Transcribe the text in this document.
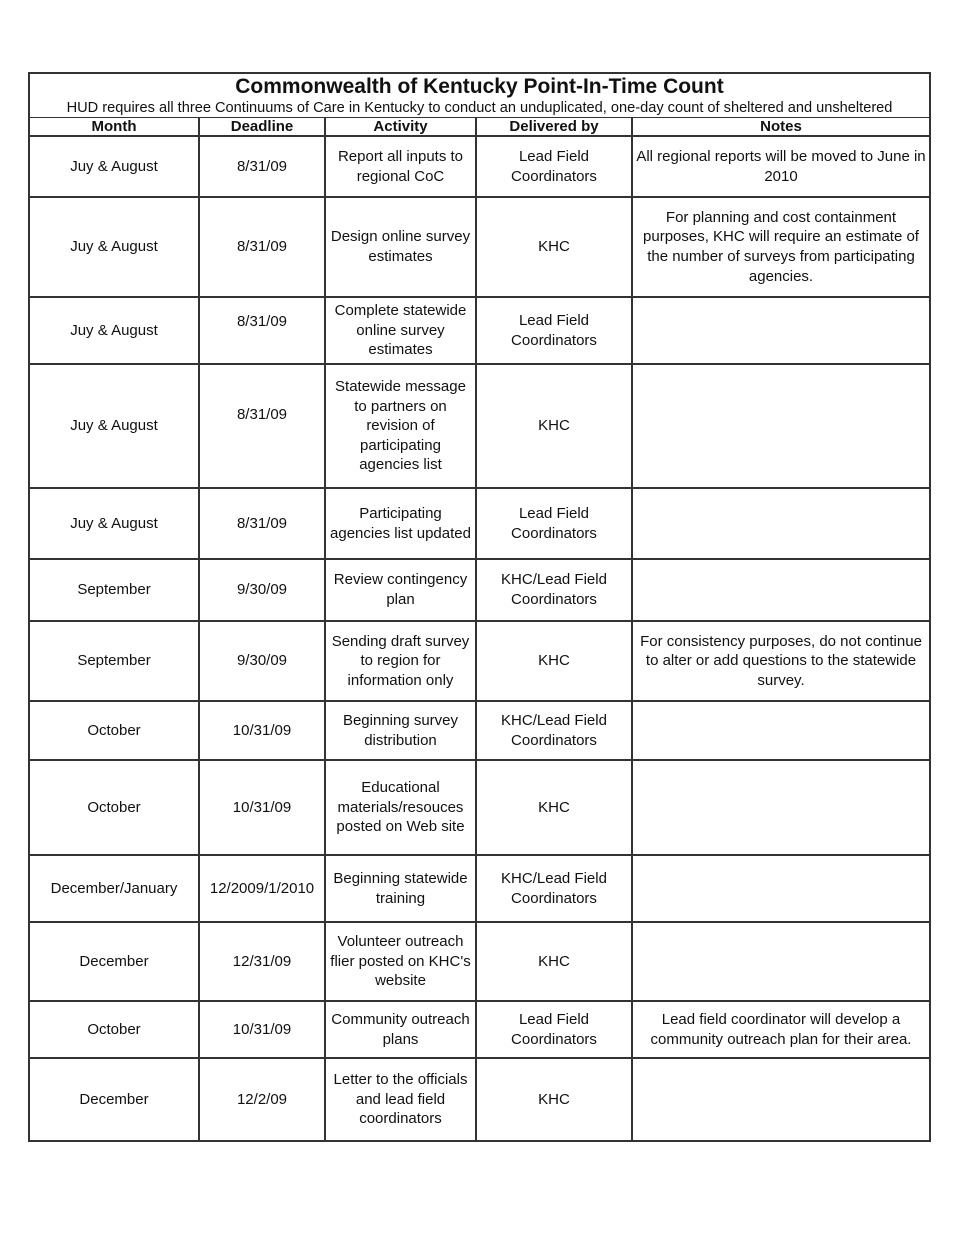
Commonwealth of Kentucky Point-In-Time Count				
HUD requires all three Continuums of Care in Kentucky to conduct an unduplicated, one-day count of sheltered and unsheltered				
Month	Deadline	Activity	Delivered by	Notes
Juy & August	8/31/09	Report all inputs to regional CoC	Lead Field Coordinators	All regional reports will be moved to June in 2010
Juy & August	8/31/09	Design online survey estimates	KHC	For planning and cost containment purposes, KHC will require an estimate of the number of surveys from participating agencies.
Juy & August	8/31/09	Complete statewide online survey estimates	Lead Field Coordinators	
Juy & August	8/31/09	Statewide message to partners on revision of participating agencies list	KHC	
Juy & August	8/31/09	Participating agencies list updated	Lead Field Coordinators	
September	9/30/09	Review contingency plan	KHC/Lead Field Coordinators	
September	9/30/09	Sending draft survey to region for information only	KHC	For consistency purposes, do not continue to alter or add questions to the statewide survey.
October	10/31/09	Beginning survey distribution	KHC/Lead Field Coordinators	
October	10/31/09	Educational materials/resouces posted on Web site	KHC	
December/January	12/2009/1/2010	Beginning statewide training	KHC/Lead Field Coordinators	
December	12/31/09	Volunteer outreach flier posted on KHC's website	KHC	
October	10/31/09	Community outreach plans	Lead Field Coordinators	Lead field coordinator will develop a community outreach plan for their area.
December	12/2/09	Letter to the officials and lead field coordinators	KHC	
